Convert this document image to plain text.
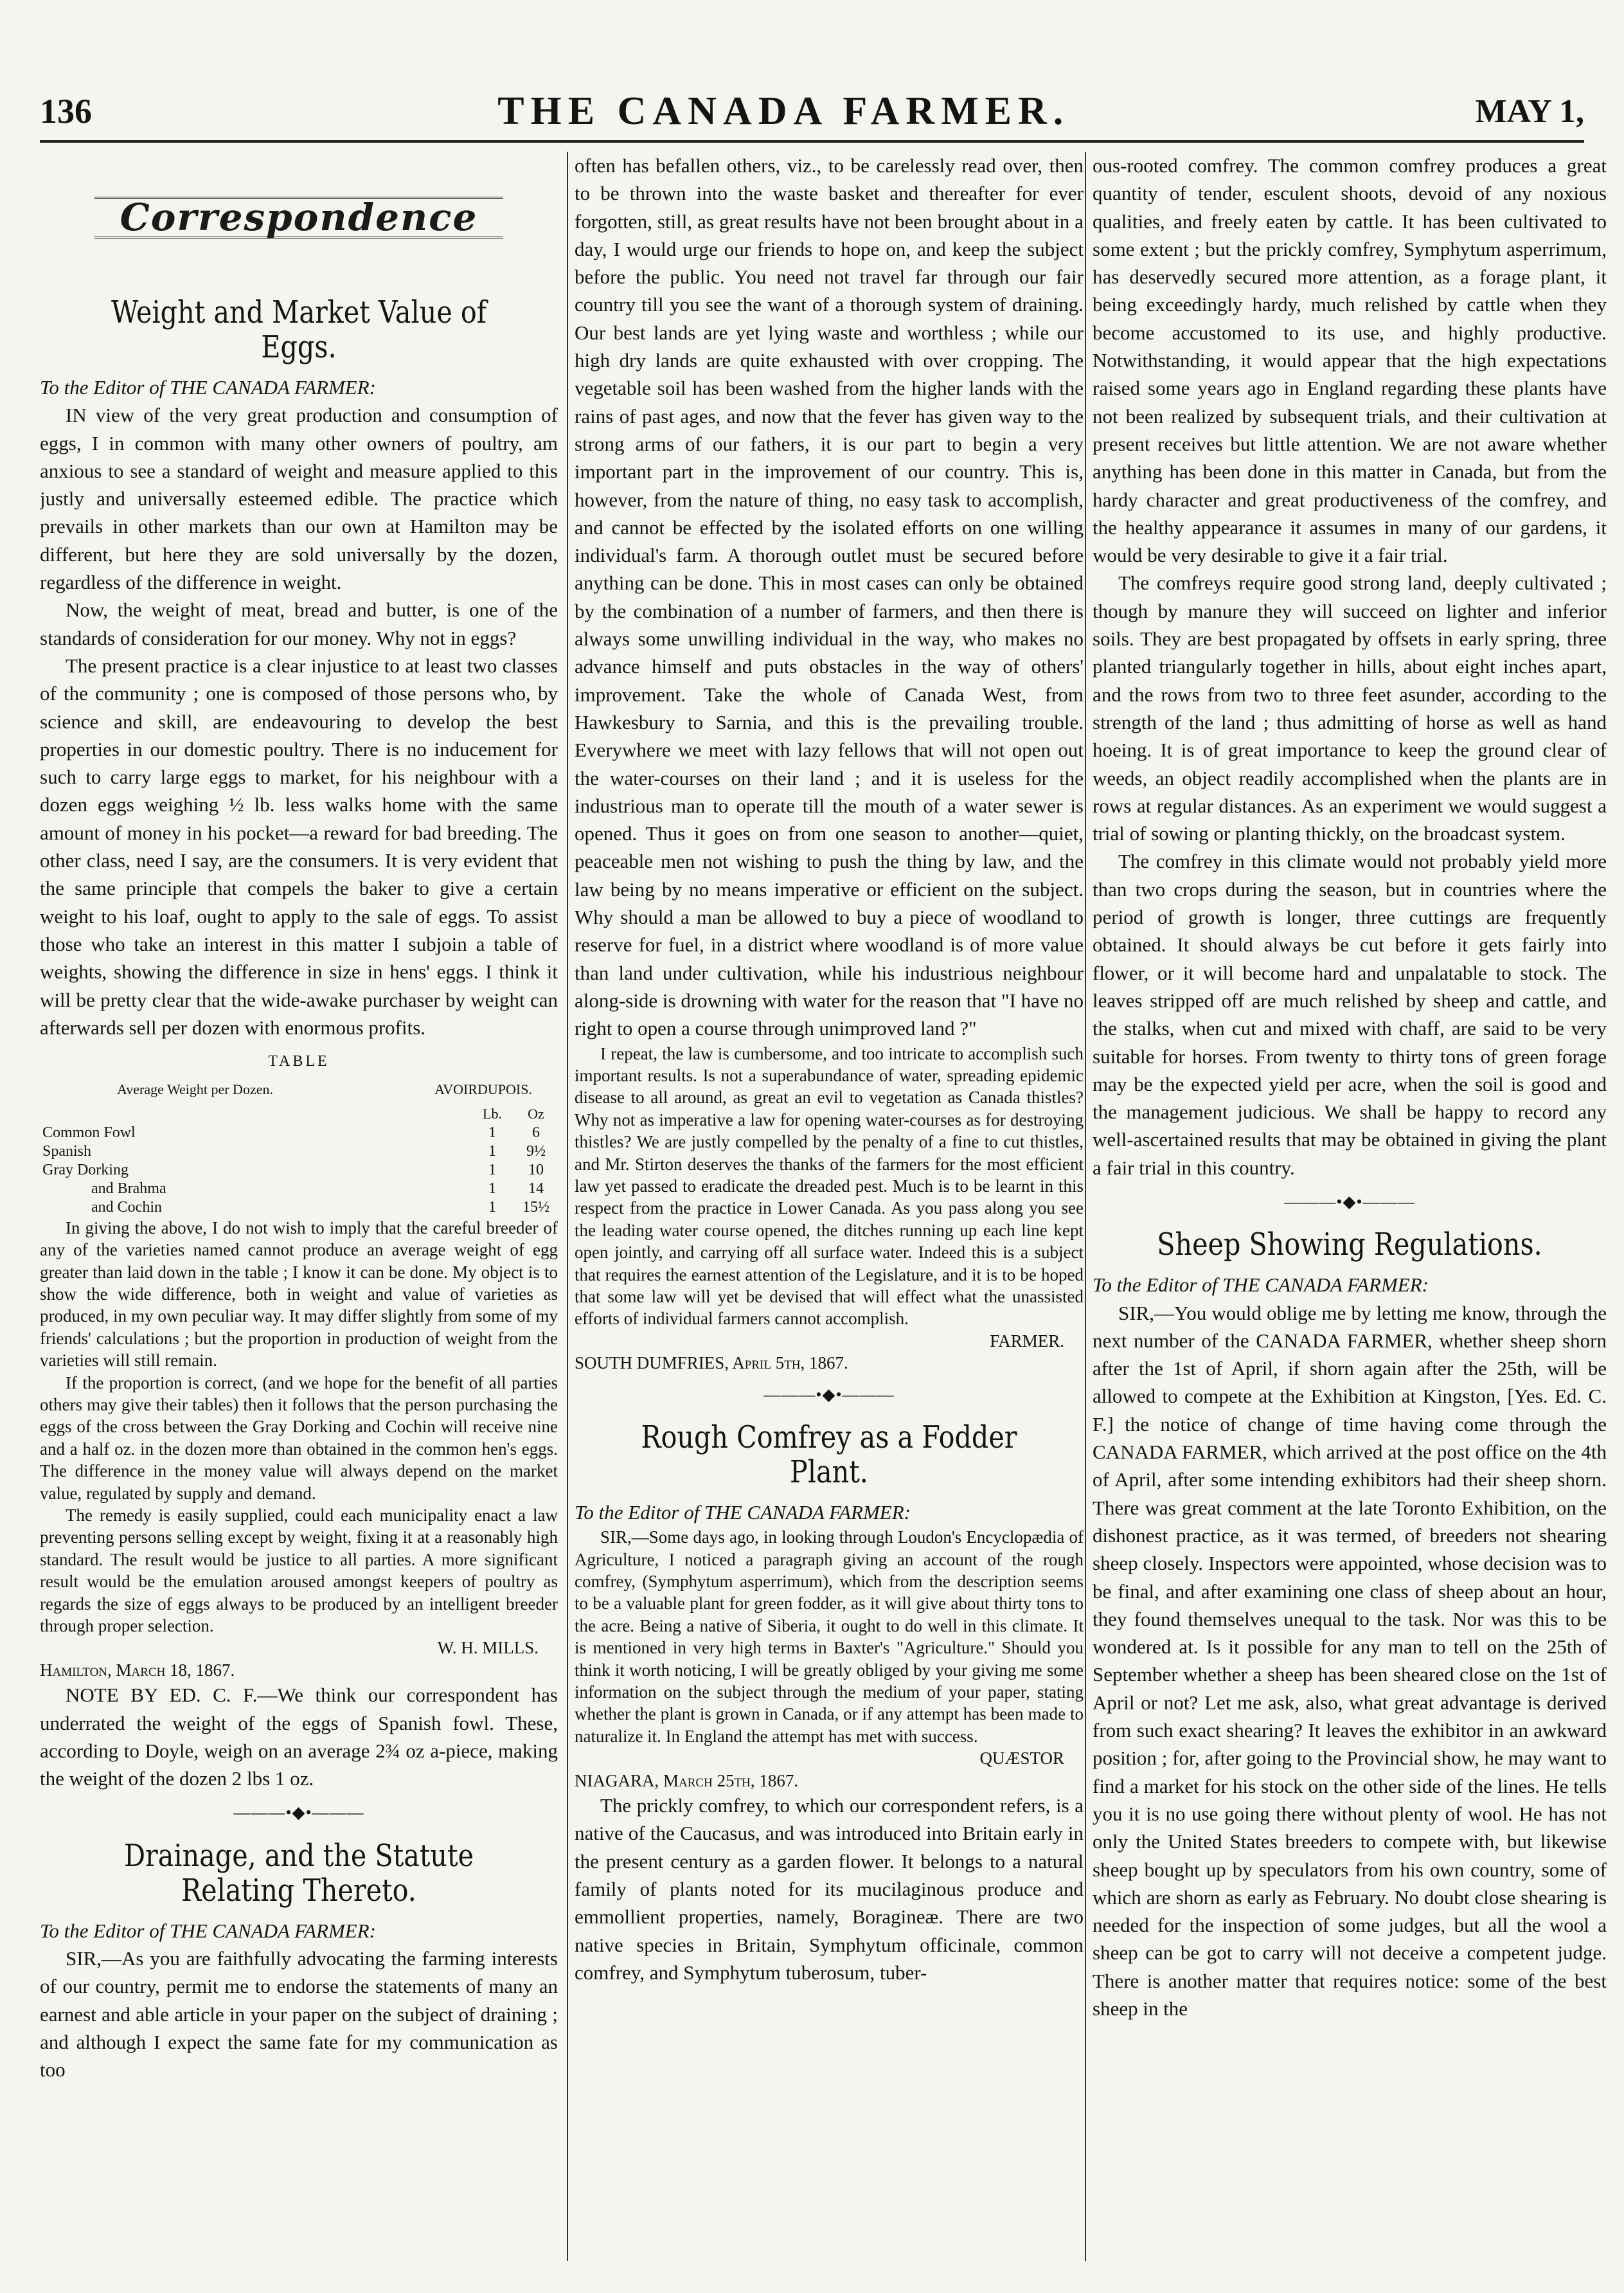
136	THE CANADA FARMER.	MAY 1,
Correspondence
Weight and Market Value of Eggs.

To the Editor of THE CANADA FARMER:

IN view of the very great production and consumption of eggs, I in common with many other owners of poultry, am anxious to see a standard of weight and measure applied to this justly and universally esteemed edible. The practice which prevails in other markets than our own at Hamilton may be different, but here they are sold universally by the dozen, regardless of the difference in weight.

Now, the weight of meat, bread and butter, is one of the standards of consideration for our money. Why not in eggs?

The present practice is a clear injustice to at least two classes of the community ; one is composed of those persons who, by science and skill, are endeavouring to develop the best properties in our domestic poultry. There is no inducement for such to carry large eggs to market, for his neighbour with a dozen eggs weighing ½ lb. less walks home with the same amount of money in his pocket—a reward for bad breeding. The other class, need I say, are the consumers. It is very evident that the same principle that compels the baker to give a certain weight to his loaf, ought to apply to the sale of eggs. To assist those who take an interest in this matter I subjoin a table of weights, showing the difference in size in hens' eggs. I think it will be pretty clear that the wide-awake purchaser by weight can afterwards sell per dozen with enormous profits.

TABLE
Average Weight per Dozen.	AVOIRDUPOIS.
	Lb.	Oz
Common Fowl	1	6
Spanish	1	9½
Gray Dorking	1	10
and Brahma	1	14
and Cochin	1	15½

In giving the above, I do not wish to imply that the careful breeder of any of the varieties named cannot produce an average weight of egg greater than laid down in the table ; I know it can be done. My object is to show the wide difference, both in weight and value of varieties as produced, in my own peculiar way. It may differ slightly from some of my friends' calculations ; but the proportion in production of weight from the varieties will still remain.

If the proportion is correct, (and we hope for the benefit of all parties others may give their tables) then it follows that the person purchasing the eggs of the cross between the Gray Dorking and Cochin will receive nine and a half oz. in the dozen more than obtained in the common hen's eggs. The difference in the money value will always depend on the market value, regulated by supply and demand.

The remedy is easily supplied, could each municipality enact a law preventing persons selling except by weight, fixing it at a reasonably high standard. The result would be justice to all parties. A more significant result would be the emulation aroused amongst keepers of poultry as regards the size of eggs always to be produced by an intelligent breeder through proper selection.

W. H. MILLS.

Hamilton, March 18, 1867.

NOTE BY ED. C. F.—We think our correspondent has underrated the weight of the eggs of Spanish fowl. These, according to Doyle, weigh on an average 2¾ oz a-piece, making the weight of the dozen 2 lbs 1 oz.

———•◆•———
Drainage, and the Statute Relating Thereto.

To the Editor of THE CANADA FARMER:

SIR,—As you are faithfully advocating the farming interests of our country, permit me to endorse the statements of many an earnest and able article in your paper on the subject of draining ; and although I expect the same fate for my communication as too

often has befallen others, viz., to be carelessly read over, then to be thrown into the waste basket and thereafter for ever forgotten, still, as great results have not been brought about in a day, I would urge our friends to hope on, and keep the subject before the public. You need not travel far through our fair country till you see the want of a thorough system of draining. Our best lands are yet lying waste and worthless ; while our high dry lands are quite exhausted with over cropping. The vegetable soil has been washed from the higher lands with the rains of past ages, and now that the fever has given way to the strong arms of our fathers, it is our part to begin a very important part in the improvement of our country. This is, however, from the nature of thing, no easy task to accomplish, and cannot be effected by the isolated efforts on one willing individual's farm. A thorough outlet must be secured before anything can be done. This in most cases can only be obtained by the combination of a number of farmers, and then there is always some unwilling individual in the way, who makes no advance himself and puts obstacles in the way of others' improvement. Take the whole of Canada West, from Hawkesbury to Sarnia, and this is the prevailing trouble. Everywhere we meet with lazy fellows that will not open out the water-courses on their land ; and it is useless for the industrious man to operate till the mouth of a water sewer is opened. Thus it goes on from one season to another—quiet, peaceable men not wishing to push the thing by law, and the law being by no means imperative or efficient on the subject. Why should a man be allowed to buy a piece of woodland to reserve for fuel, in a district where woodland is of more value than land under cultivation, while his industrious neighbour along-side is drowning with water for the reason that "I have no right to open a course through unimproved land ?"

I repeat, the law is cumbersome, and too intricate to accomplish such important results. Is not a superabundance of water, spreading epidemic disease to all around, as great an evil to vegetation as Canada thistles? Why not as imperative a law for opening water-courses as for destroying thistles? We are justly compelled by the penalty of a fine to cut thistles, and Mr. Stirton deserves the thanks of the farmers for the most efficient law yet passed to eradicate the dreaded pest. Much is to be learnt in this respect from the practice in Lower Canada. As you pass along you see the leading water course opened, the ditches running up each line kept open jointly, and carrying off all surface water. Indeed this is a subject that requires the earnest attention of the Legislature, and it is to be hoped that some law will yet be devised that will effect what the unassisted efforts of individual farmers cannot accomplish.

FARMER.

SOUTH DUMFRIES, April 5th, 1867.

———•◆•———
Rough Comfrey as a Fodder Plant.

To the Editor of THE CANADA FARMER:

SIR,—Some days ago, in looking through Loudon's Encyclopædia of Agriculture, I noticed a paragraph giving an account of the rough comfrey, (Symphytum asperrimum), which from the description seems to be a valuable plant for green fodder, as it will give about thirty tons to the acre. Being a native of Siberia, it ought to do well in this climate. It is mentioned in very high terms in Baxter's "Agriculture." Should you think it worth noticing, I will be greatly obliged by your giving me some information on the subject through the medium of your paper, stating whether the plant is grown in Canada, or if any attempt has been made to naturalize it. In England the attempt has met with success.

QUÆSTOR

NIAGARA, March 25th, 1867.

The prickly comfrey, to which our correspondent refers, is a native of the Caucasus, and was introduced into Britain early in the present century as a garden flower. It belongs to a natural family of plants noted for its mucilaginous produce and emmollient properties, namely, Boragineæ. There are two native species in Britain, Symphytum officinale, common comfrey, and Symphytum tuberosum, tuber-

ous-rooted comfrey. The common comfrey produces a great quantity of tender, esculent shoots, devoid of any noxious qualities, and freely eaten by cattle. It has been cultivated to some extent ; but the prickly comfrey, Symphytum asperrimum, has deservedly secured more attention, as a forage plant, it being exceedingly hardy, much relished by cattle when they become accustomed to its use, and highly productive. Notwithstanding, it would appear that the high expectations raised some years ago in England regarding these plants have not been realized by subsequent trials, and their cultivation at present receives but little attention. We are not aware whether anything has been done in this matter in Canada, but from the hardy character and great productiveness of the comfrey, and the healthy appearance it assumes in many of our gardens, it would be very desirable to give it a fair trial.

The comfreys require good strong land, deeply cultivated ; though by manure they will succeed on lighter and inferior soils. They are best propagated by offsets in early spring, three planted triangularly together in hills, about eight inches apart, and the rows from two to three feet asunder, according to the strength of the land ; thus admitting of horse as well as hand hoeing. It is of great importance to keep the ground clear of weeds, an object readily accomplished when the plants are in rows at regular distances. As an experiment we would suggest a trial of sowing or planting thickly, on the broadcast system.

The comfrey in this climate would not probably yield more than two crops during the season, but in countries where the period of growth is longer, three cuttings are frequently obtained. It should always be cut before it gets fairly into flower, or it will become hard and unpalatable to stock. The leaves stripped off are much relished by sheep and cattle, and the stalks, when cut and mixed with chaff, are said to be very suitable for horses. From twenty to thirty tons of green forage may be the expected yield per acre, when the soil is good and the management judicious. We shall be happy to record any well-ascertained results that may be obtained in giving the plant a fair trial in this country.

———•◆•———
Sheep Showing Regulations.

To the Editor of THE CANADA FARMER:

SIR,—You would oblige me by letting me know, through the next number of the CANADA FARMER, whether sheep shorn after the 1st of April, if shorn again after the 25th, will be allowed to compete at the Exhibition at Kingston, [Yes. Ed. C. F.] the notice of change of time having come through the CANADA FARMER, which arrived at the post office on the 4th of April, after some intending exhibitors had their sheep shorn. There was great comment at the late Toronto Exhibition, on the dishonest practice, as it was termed, of breeders not shearing sheep closely. Inspectors were appointed, whose decision was to be final, and after examining one class of sheep about an hour, they found themselves unequal to the task. Nor was this to be wondered at. Is it possible for any man to tell on the 25th of September whether a sheep has been sheared close on the 1st of April or not? Let me ask, also, what great advantage is derived from such exact shearing? It leaves the exhibitor in an awkward position ; for, after going to the Provincial show, he may want to find a market for his stock on the other side of the lines. He tells you it is no use going there without plenty of wool. He has not only the United States breeders to compete with, but likewise sheep bought up by speculators from his own country, some of which are shorn as early as February. No doubt close shearing is needed for the inspection of some judges, but all the wool a sheep can be got to carry will not deceive a competent judge. There is another matter that requires notice: some of the best sheep in the
